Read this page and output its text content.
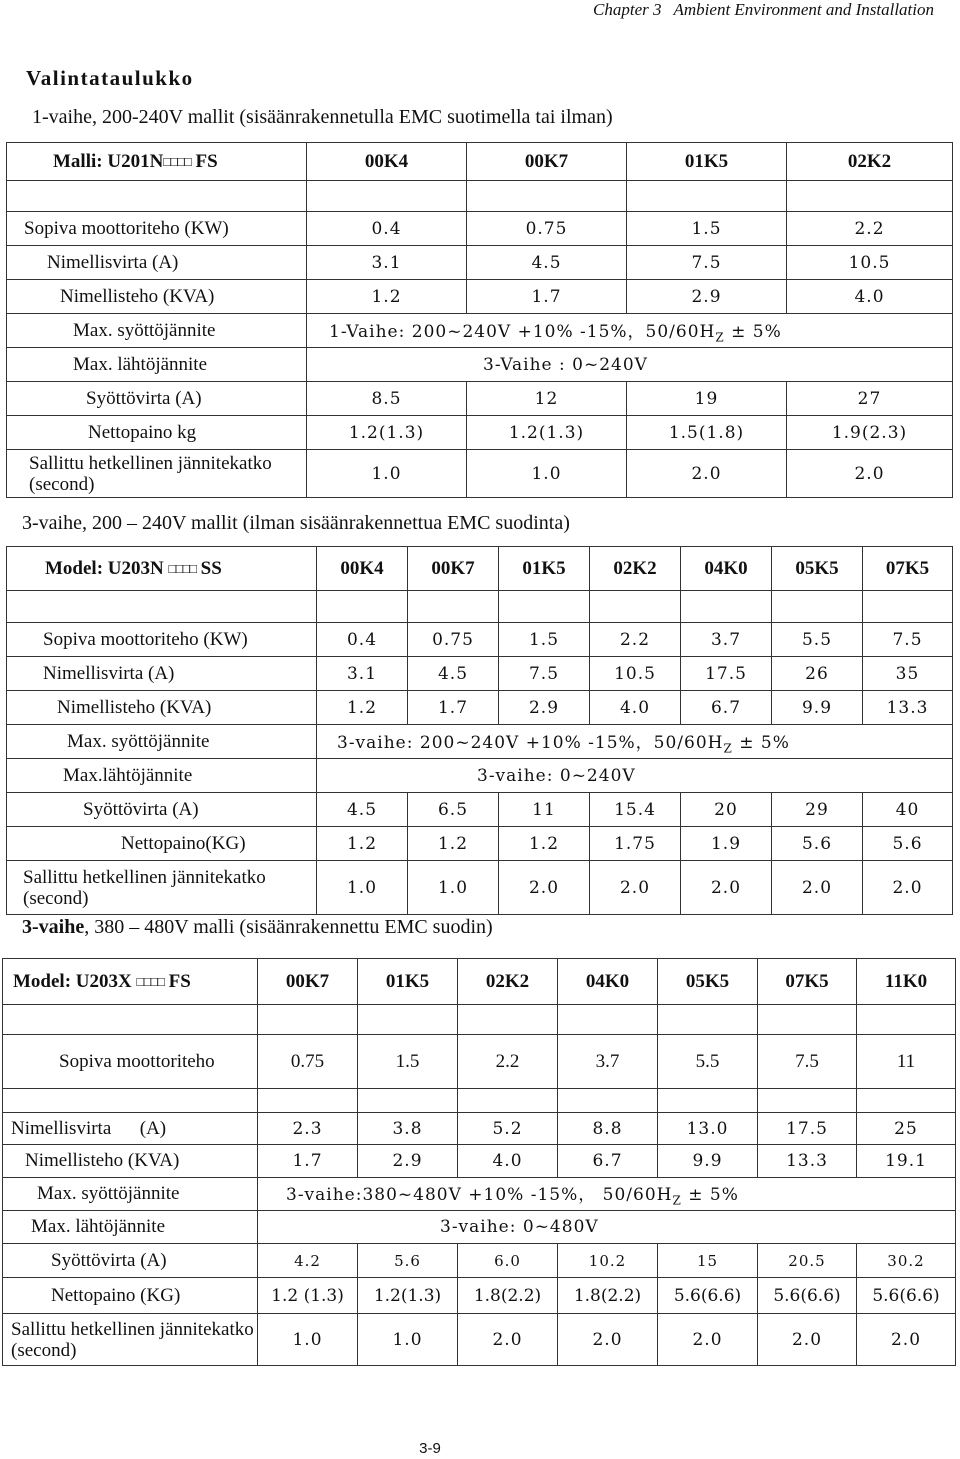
Chapter 3 Ambient Environment and Installation
Valintataulukko
1-vaihe, 200-240V mallit (sisäänrakennetulla EMC suotimella tai ilman)
Malli: U201N□□□□ FS	00K4	00K7	01K5	02K2

Sopiva moottoriteho (KW)	0.4	0.75	1.5	2.2
Nimellisvirta (A)	3.1	4.5	7.5	10.5
Nimellisteho (KVA)	1.2	1.7	2.9	4.0
Max. syöttöjännite	1-Vaihe: 200~240V +10% -15%，$50/60H_Z \pm 5\%$			
Max. lähtöjännite	3-Vaihe : 0~240V			
Syöttövirta (A)	8.5	12	19	27
Nettopaino kg	1.2(1.3)	1.2(1.3)	1.5(1.8)	1.9(2.3)
Sallittu hetkellinen jännitekatko (second)	1.0	1.0	2.0	2.0
3-vaihe, 200 – 240V mallit (ilman sisäänrakennettua EMC suodinta)
Model: U203N □□□□ SS	00K4	00K7	01K5	02K2	04K0	05K5	07K5

Sopiva moottoriteho (KW)	0.4	0.75	1.5	2.2	3.7	5.5	7.5
Nimellisvirta (A)	3.1	4.5	7.5	10.5	17.5	26	35
Nimellisteho (KVA)	1.2	1.7	2.9	4.0	6.7	9.9	13.3
Max. syöttöjännite	3-vaihe: 200~240V +10% -15%，$50/60H_Z \pm 5\%$						
Max.lähtöjännite	3-vaihe: 0~240V						
Syöttövirta (A)	4.5	6.5	11	15.4	20	29	40
Nettopaino(KG)	1.2	1.2	1.2	1.75	1.9	5.6	5.6
Sallittu hetkellinen jännitekatko (second)	1.0	1.0	2.0	2.0	2.0	2.0	2.0
3-vaihe, 380 – 480V malli (sisäänrakennettu EMC suodin)
Model: U203X □□□□ FS	00K7	01K5	02K2	04K0	05K5	07K5	11K0

Sopiva moottoriteho	0.75	1.5	2.2	3.7	5.5	7.5	11

Nimellisvirta      (A)	2.3	3.8	5.2	8.8	13.0	17.5	25
Nimellisteho (KVA)	1.7	2.9	4.0	6.7	9.9	13.3	19.1
Max. syöttöjännite	3-vaihe:380~480V +10% -15%， $50/60H_Z \pm 5\%$						
Max. lähtöjännite	3-vaihe: 0~480V						
Syöttövirta (A)	4.2	5.6	6.0	10.2	15	20.5	30.2
Nettopaino (KG)	1.2 (1.3)	1.2(1.3)	1.8(2.2)	1.8(2.2)	5.6(6.6)	5.6(6.6)	5.6(6.6)
Sallittu hetkellinen jännitekatko (second)	1.0	1.0	2.0	2.0	2.0	2.0	2.0
3-9
